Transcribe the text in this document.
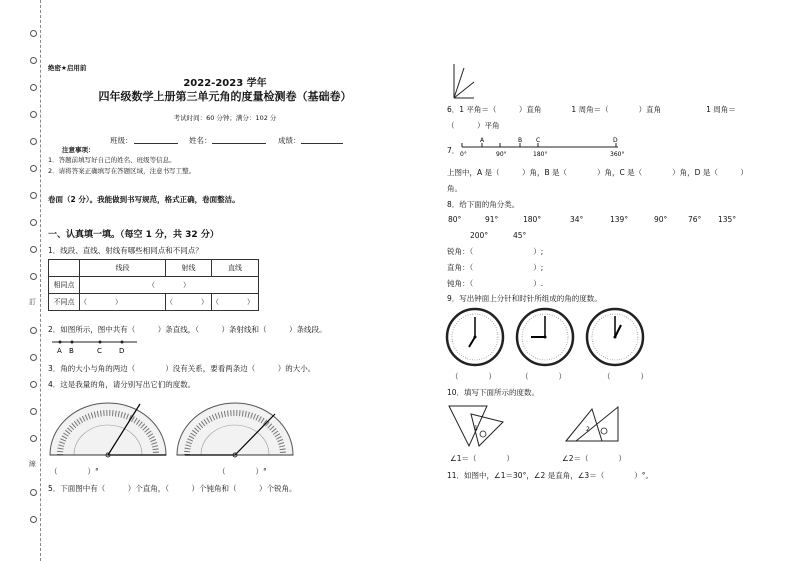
訂
線
绝密★启用前
2022-2023 学年
四年级数学上册第三单元角的度量检测卷（基础卷）
考试时间：60 分钟；满分：102 分
班级：	姓名：	成绩：
注意事项：
1．答题前填写好自己的姓名、班级等信息。
2．请将答案正确填写在答题区域，注意书写工整。
卷面（2 分）。我能做到书写规范，格式正确，卷面整洁。
一、认真填一填。（每空 1 分，共 32 分）
1．线段、直线、射线有哪些相同点和不同点？
	线段	射线	直线
相同点	（　　　　）		
不同点	（　　　　）	（　　　　）	（　　　　）
2．如图所示，图中共有（　　　）条直线，（　　　）条射线和（　　　）条线段。
A B	C D
3．角的大小与角的两边（　　　　）没有关系，要看两条边（　　　）的大小。
4．这是我量的角，请分别写出它们的度数。
（　　　　）°	（　　　　）°
5．下面图中有（　　　）个直角，（　　　）个钝角和（　　　）个锐角。
6．1 平角＝（　　　）直角　　　　1 周角＝（　　　　）直角　　　　　　1 周角＝
（　　　）平角
7．
A	B C	D
0°	90°	180°	360°
上图中，A 是（　　　）角，B 是（　　　　）角，C 是（　　　　）角，D 是（　　　）
角。
8．给下面的角分类。
80°	91°	180°	34°	139°	90°	76° 135°
200°	45°
锐角：（　　　　　　　　）;
直角：（　　　　　　　　）;
钝角：（　　　　　　　　）.
9．写出钟面上分针和时针所组成的角的度数。
（　　　　）	（　　　　）	（　　　　）
10．填写下面所示的度数。
1	2
∠1＝（　　　　）	∠2＝（　　　　）
11．如图中，∠1＝30°，∠2 是直角，∠3＝（　　　　）°。
